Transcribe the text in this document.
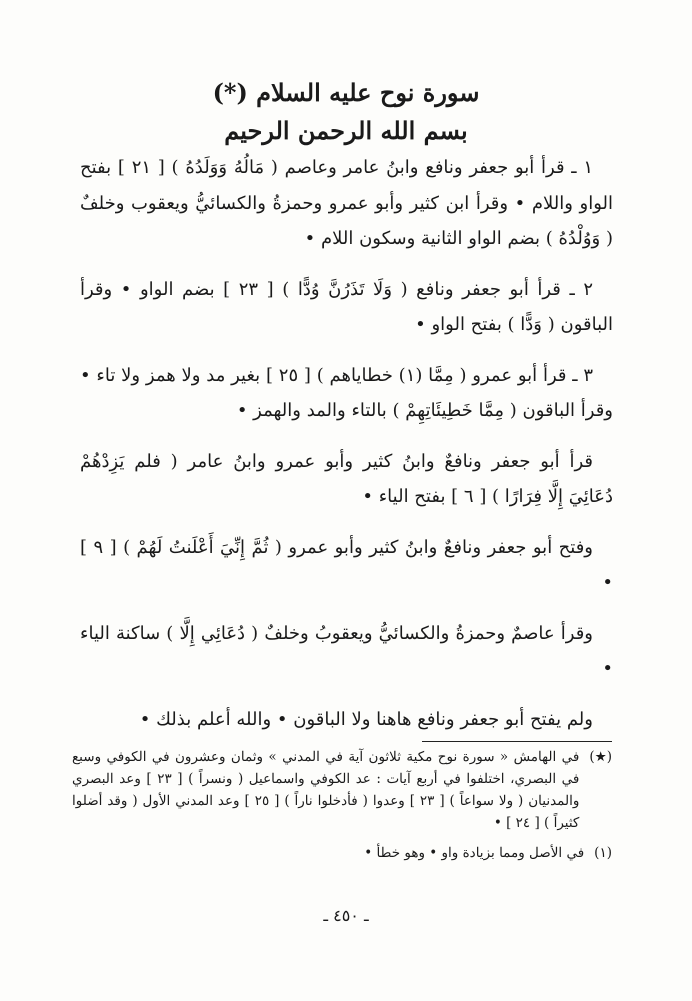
سورة نوح عليه السلام (*)
بسم الله الرحمن الرحيم

١ ـ قرأ أبو جعفر ونافع وابنُ عامر وعاصم ( مَالُهُ وَوَلَدُهُ ) [ ٢١ ] بفتح الواو واللام • وقرأ ابن كثير وأبو عمرو وحمزةُ والكسائيُّ ويعقوب وخلفٌ ( وَوُلْدُهُ ) بضم الواو الثانية وسكون اللام •

٢ ـ قرأ أبو جعفر ونافع ( وَلَا تَذَرُنَّ وُدًّا ) [ ٢٣ ] بضم الواو • وقرأ الباقون ( وَدًّا ) بفتح الواو •

٣ ـ قرأ أبو عمرو ( مِمَّا (١) خطاياهم ) [ ٢٥ ] بغير مد ولا همز ولا تاء • وقرأ الباقون ( مِمَّا خَطِيئَاتِهِمْ ) بالتاء والمد والهمز •

قرأ أبو جعفر ونافعٌ وابنُ كثير وأبو عمرو وابنُ عامر ( فلم يَزِدْهُمْ دُعَائِيَ إِلَّا فِرَارًا ) [ ٦ ] بفتح الياء •

وفتح أبو جعفر ونافعٌ وابنُ كثير وأبو عمرو ( ثُمَّ إِنِّيَ أَعْلَنتُ لَهُمْ ) [ ٩ ] •

وقرأ عاصمٌ وحمزةُ والكسائيُّ ويعقوبُ وخلفٌ ( دُعَائِي إِلَّا ) ساكنة الياء •

ولم يفتح أبو جعفر ونافع هاهنا ولا الباقون • والله أعلم بذلك •

(★)
في الهامش « سورة نوح مكية ثلاثون آية في المدني » وثمان وعشرون في الكوفي وسبع في البصري، اختلفوا في أربع آيات : عد الكوفي واسماعيل ( ونسراً ) [ ٢٣ ] وعد البصري والمدنيان ( ولا سواعاً ) [ ٢٣ ] وعدوا ( فأدخلوا ناراً ) [ ٢٥ ] وعد المدني الأول ( وقد أضلوا كثيراً ) [ ٢٤ ] •
(١)
في الأصل ومما بزيادة واو • وهو خطأ •
ـ ٤٥٠ ـ
